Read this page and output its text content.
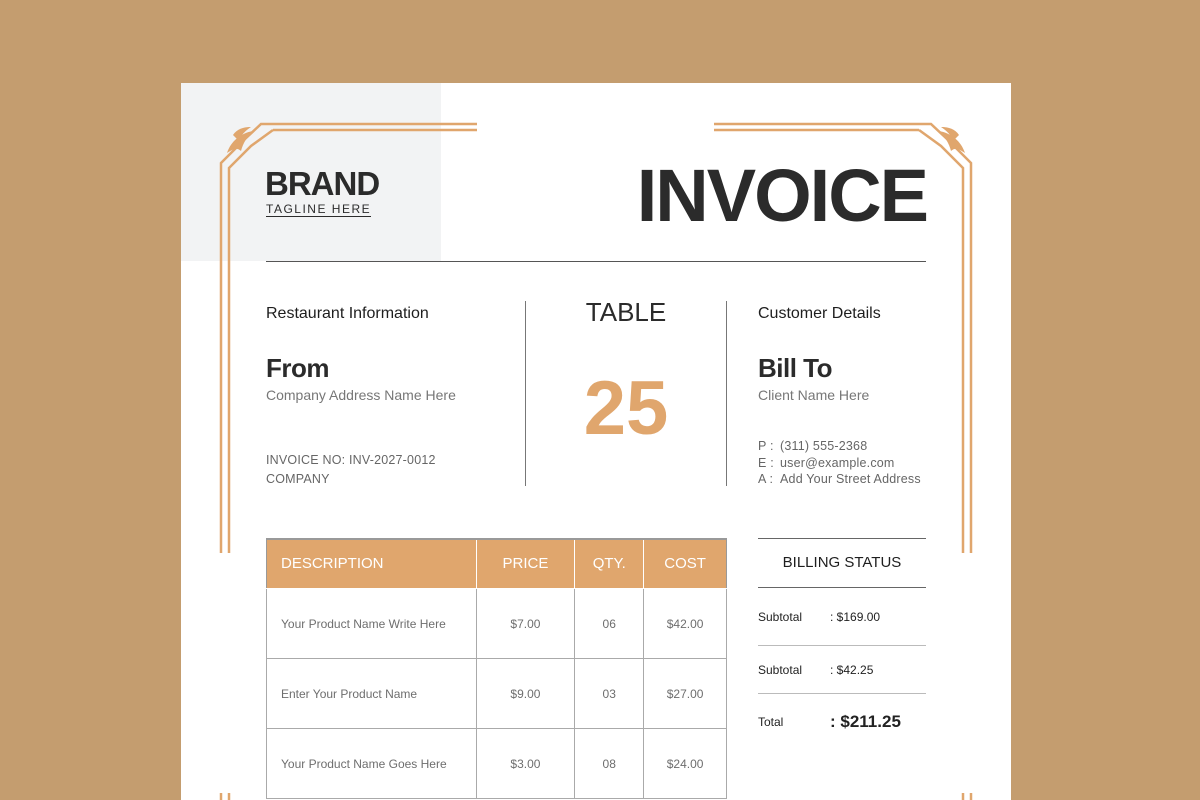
BRAND
TAGLINE HERE	INVOICE
Restaurant Information
From
Company Address Name Here
INVOICE NO: INV-2027-0012
COMPANY
TABLE
25
Customer Details
Bill To
Client Name Here
P : (311) 555-2368
E : user@example.com
A : Add Your Street Address
DESCRIPTION	PRICE	QTY.	COST
Your Product Name Write Here	$7.00	06	$42.00
Enter Your Product Name	$9.00	03	$27.00
Your Product Name Goes Here	$3.00	08	$24.00
BILLING STATUS
Subtotal	: $169.00
Subtotal	: $42.25
Total	: $211.25
